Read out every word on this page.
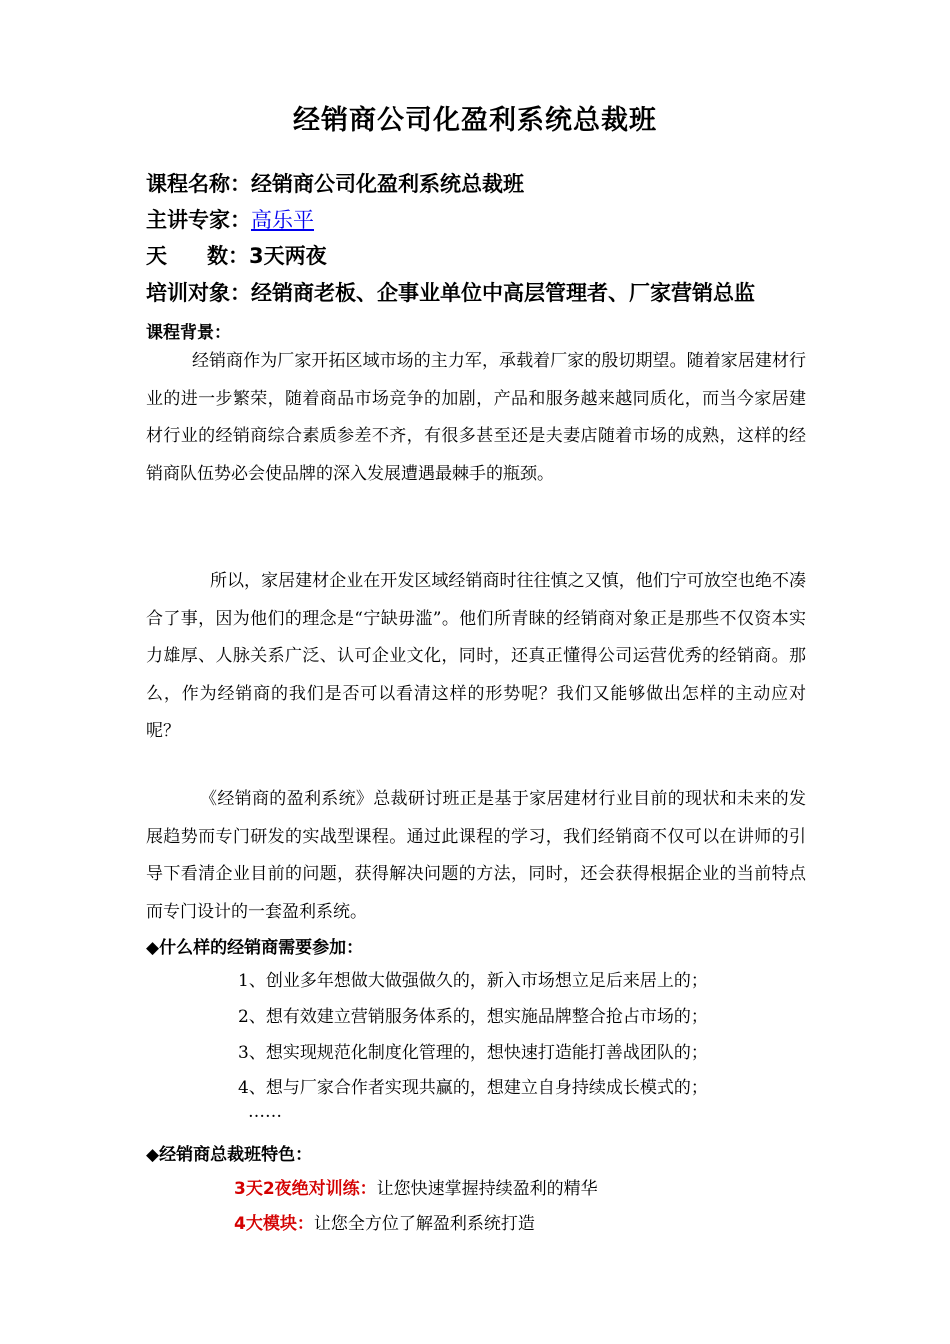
经销商公司化盈利系统总裁班
课程名称：经销商公司化盈利系统总裁班
主讲专家：高乐平
天 数：3天两夜
培训对象：经销商老板、企事业单位中高层管理者、厂家营销总监
课程背景：
经销商作为厂家开拓区域市场的主力军，承载着厂家的殷切期望。随着家居建材行业的进一步繁荣，随着商品市场竞争的加剧，产品和服务越来越同质化，而当今家居建材行业的经销商综合素质参差不齐，有很多甚至还是夫妻店随着市场的成熟，这样的经销商队伍势必会使品牌的深入发展遭遇最棘手的瓶颈。
所以，家居建材企业在开发区域经销商时往往慎之又慎，他们宁可放空也绝不凑合了事，因为他们的理念是“宁缺毋滥”。他们所青睐的经销商对象正是那些不仅资本实力雄厚、人脉关系广泛、认可企业文化，同时，还真正懂得公司运营优秀的经销商。那么，作为经销商的我们是否可以看清这样的形势呢？我们又能够做出怎样的主动应对呢？
《经销商的盈利系统》总裁研讨班正是基于家居建材行业目前的现状和未来的发展趋势而专门研发的实战型课程。通过此课程的学习，我们经销商不仅可以在讲师的引导下看清企业目前的问题，获得解决问题的方法，同时，还会获得根据企业的当前特点而专门设计的一套盈利系统。
◆什么样的经销商需要参加：
1、创业多年想做大做强做久的，新入市场想立足后来居上的；
2、想有效建立营销服务体系的，想实施品牌整合抢占市场的；
3、想实现规范化制度化管理的，想快速打造能打善战团队的；
4、想与厂家合作者实现共赢的，想建立自身持续成长模式的；
……
◆经销商总裁班特色：
3天2夜绝对训练：让您快速掌握持续盈利的精华
4大模块：让您全方位了解盈利系统打造
